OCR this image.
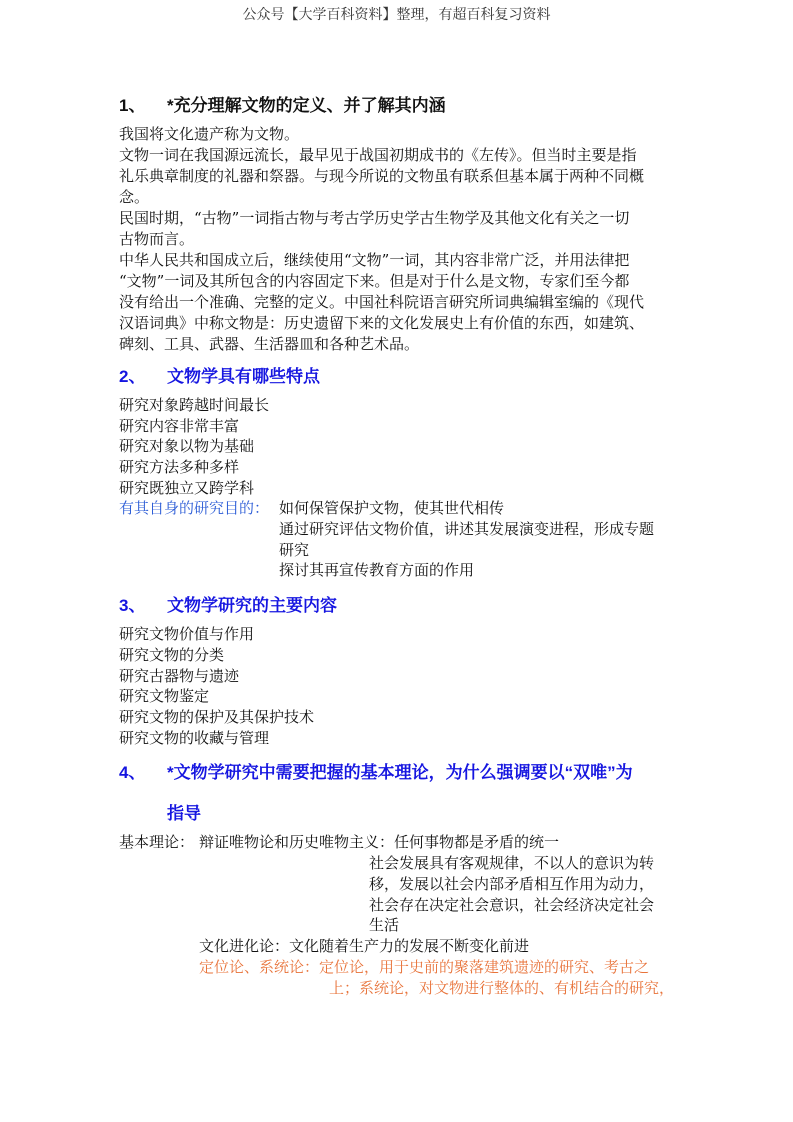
公众号【大学百科资料】整理，有超百科复习资料
1、 *充分理解文物的定义、并了解其内涵
我国将文化遗产称为文物。
文物一词在我国源远流长，最早见于战国初期成书的《左传》。但当时主要是指
礼乐典章制度的礼器和祭器。与现今所说的文物虽有联系但基本属于两种不同概
念。
民国时期，“古物”一词指古物与考古学历史学古生物学及其他文化有关之一切
古物而言。
中华人民共和国成立后，继续使用“文物”一词，其内容非常广泛，并用法律把
“文物”一词及其所包含的内容固定下来。但是对于什么是文物，专家们至今都
没有给出一个准确、完整的定义。中国社科院语言研究所词典编辑室编的《现代
汉语词典》中称文物是：历史遗留下来的文化发展史上有价值的东西，如建筑、
碑刻、工具、武器、生活器皿和各种艺术品。
2、 文物学具有哪些特点
研究对象跨越时间最长
研究内容非常丰富
研究对象以物为基础
研究方法多种多样
研究既独立又跨学科
有其自身的研究目的： 如何保管保护文物，使其世代相传
通过研究评估文物价值，讲述其发展演变进程，形成专题
研究
探讨其再宣传教育方面的作用
3、 文物学研究的主要内容
研究文物价值与作用
研究文物的分类
研究古器物与遗迹
研究文物鉴定
研究文物的保护及其保护技术
研究文物的收藏与管理
4、 *文物学研究中需要把握的基本理论，为什么强调要以“双唯”为
指导
基本理论： 辩证唯物论和历史唯物主义：任何事物都是矛盾的统一
社会发展具有客观规律，不以人的意识为转
移，发展以社会内部矛盾相互作用为动力，
社会存在决定社会意识，社会经济决定社会
生活
文化进化论：文化随着生产力的发展不断变化前进
定位论、系统论：定位论，用于史前的聚落建筑遗迹的研究、考古之
上；系统论，对文物进行整体的、有机结合的研究，
